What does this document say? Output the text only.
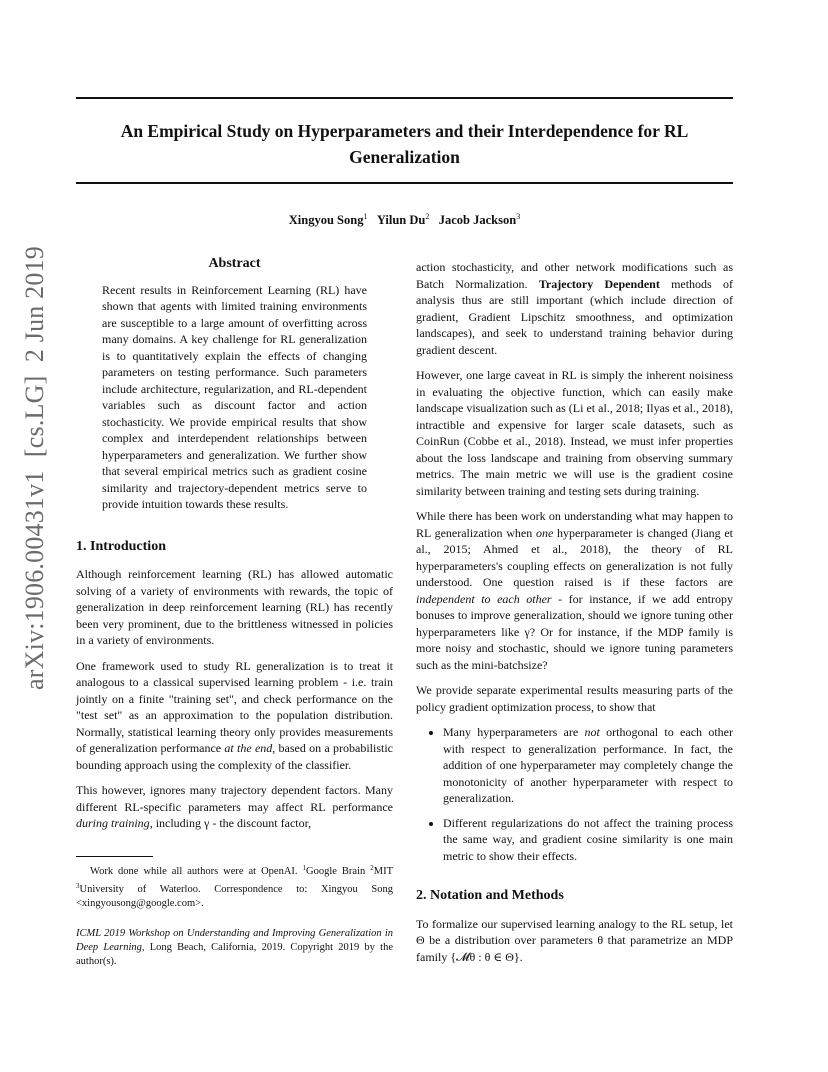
arXiv:1906.00431v1  [cs.LG]  2 Jun 2019
An Empirical Study on Hyperparameters and their Interdependence for RL Generalization
Xingyou Song$^1$ Yilun Du$^2$ Jacob Jackson$^3$
Abstract

Recent results in Reinforcement Learning (RL) have shown that agents with limited training environments are susceptible to a large amount of overfitting across many domains. A key challenge for RL generalization is to quantitatively explain the effects of changing parameters on testing performance. Such parameters include architecture, regularization, and RL-dependent variables such as discount factor and action stochasticity. We provide empirical results that show complex and interdependent relationships between hyperparameters and generalization. We further show that several empirical metrics such as gradient cosine similarity and trajectory-dependent metrics serve to provide intuition towards these results.

1. Introduction

Although reinforcement learning (RL) has allowed automatic solving of a variety of environments with rewards, the topic of generalization in deep reinforcement learning (RL) has recently been very prominent, due to the brittleness witnessed in policies in a variety of environments.

One framework used to study RL generalization is to treat it analogous to a classical supervised learning problem - i.e. train jointly on a finite "training set", and check performance on the "test set" as an approximation to the population distribution. Normally, statistical learning theory only provides measurements of generalization performance at the end, based on a probabilistic bounding approach using the complexity of the classifier.

This however, ignores many trajectory dependent factors. Many different RL-specific parameters may affect RL performance during training, including γ - the discount factor,

Work done while all authors were at OpenAI. $^1$Google Brain $^2$MIT $^3$University of Waterloo. Correspondence to: Xingyou Song <xingyousong@google.com>.
ICML 2019 Workshop on Understanding and Improving Generalization in Deep Learning, Long Beach, California, 2019. Copyright 2019 by the author(s).

action stochasticity, and other network modifications such as Batch Normalization. Trajectory Dependent methods of analysis thus are still important (which include direction of gradient, Gradient Lipschitz smoothness, and optimization landscapes), and seek to understand training behavior during gradient descent.

However, one large caveat in RL is simply the inherent noisiness in evaluating the objective function, which can easily make landscape visualization such as (Li et al., 2018; Ilyas et al., 2018), intractible and expensive for larger scale datasets, such as CoinRun (Cobbe et al., 2018). Instead, we must infer properties about the loss landscape and training from observing summary metrics. The main metric we will use is the gradient cosine similarity between training and testing sets during training.

While there has been work on understanding what may happen to RL generalization when one hyperparameter is changed (Jiang et al., 2015; Ahmed et al., 2018), the theory of RL hyperparameters's coupling effects on generalization is not fully understood. One question raised is if these factors are independent to each other - for instance, if we add entropy bonuses to improve generalization, should we ignore tuning other hyperparameters like γ? Or for instance, if the MDP family is more noisy and stochastic, should we ignore tuning parameters such as the mini-batchsize?

We provide separate experimental results measuring parts of the policy gradient optimization process, to show that

• Many hyperparameters are not orthogonal to each other with respect to generalization performance. In fact, the addition of one hyperparameter may completely change the monotonicity of another hyperparameter with respect to generalization.
• Different regularizations do not affect the training process the same way, and gradient cosine similarity is one main metric to show their effects.
2. Notation and Methods

To formalize our supervised learning analogy to the RL setup, let Θ be a distribution over parameters θ that parametrize an MDP family {𝓜θ : θ ∈ Θ}.
